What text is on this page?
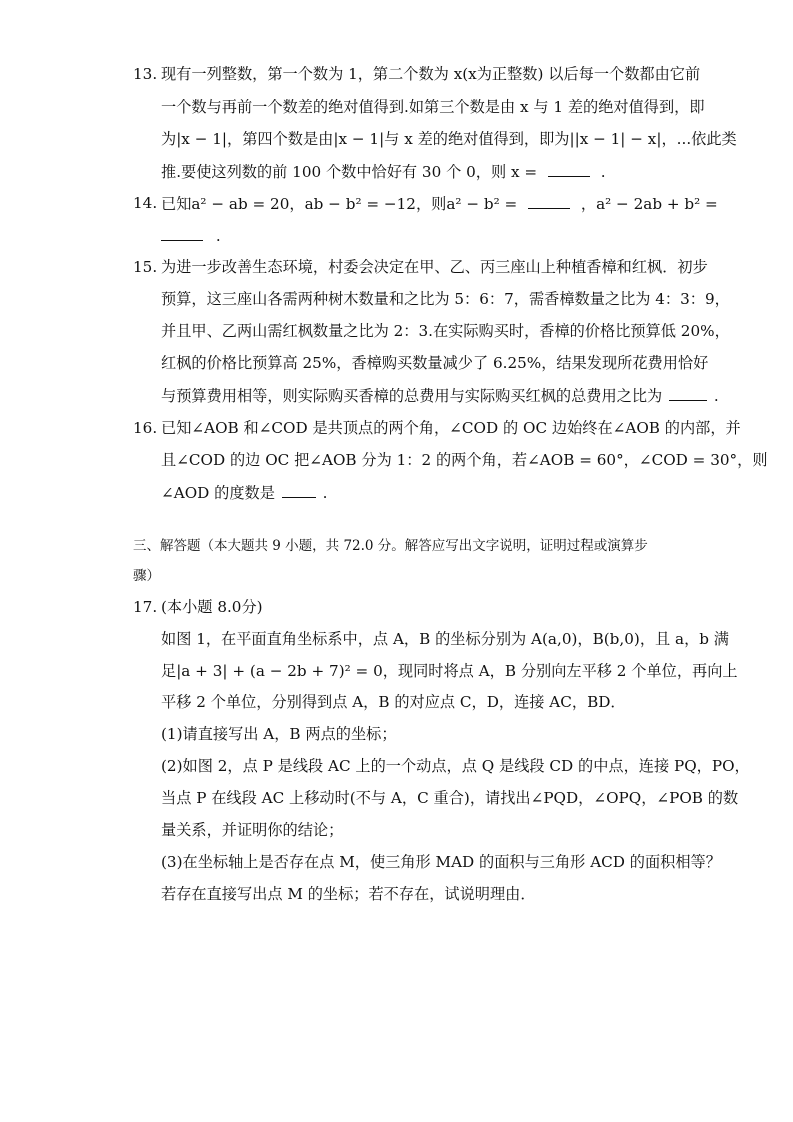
13. 现有一列整数，第一个数为 1，第二个数为 x(x为正整数) 以后每一个数都由它前
一个数与再前一个数差的绝对值得到.如第三个数是由 x 与 1 差的绝对值得到，即
为|x − 1|，第四个数是由|x − 1|与 x 差的绝对值得到，即为||x − 1| − x|，...依此类
推.要使这列数的前 100 个数中恰好有 30 个 0，则 x =	.
14. 已知a² − ab = 20，ab − b² = −12，则a² − b² =	，a² − 2ab + b² =
.
15. 为进一步改善生态环境，村委会决定在甲、乙、丙三座山上种植香樟和红枫．初步
预算，这三座山各需两种树木数量和之比为 5：6：7，需香樟数量之比为 4：3：9，
并且甲、乙两山需红枫数量之比为 2：3.在实际购买时，香樟的价格比预算低 20%，
红枫的价格比预算高 25%，香樟购买数量减少了 6.25%，结果发现所花费用恰好
与预算费用相等，则实际购买香樟的总费用与实际购买红枫的总费用之比为	.
16. 已知∠AOB 和∠COD 是共顶点的两个角，∠COD 的 OC 边始终在∠AOB 的内部，并
且∠COD 的边 OC 把∠AOB 分为 1：2 的两个角，若∠AOB = 60°，∠COD = 30°，则
∠AOD 的度数是	.
三、解答题（本大题共 9 小题，共 72.0 分。解答应写出文字说明，证明过程或演算步
骤）
17. (本小题 8.0分)
如图 1，在平面直角坐标系中，点 A，B 的坐标分别为 A(a,0)，B(b,0)，且 a，b 满
足|a + 3| + (a − 2b + 7)² = 0，现同时将点 A，B 分别向左平移 2 个单位，再向上
平移 2 个单位，分别得到点 A，B 的对应点 C，D，连接 AC，BD．
(1)请直接写出 A，B 两点的坐标；
(2)如图 2，点 P 是线段 AC 上的一个动点，点 Q 是线段 CD 的中点，连接 PQ，PO，
当点 P 在线段 AC 上移动时(不与 A，C 重合)，请找出∠PQD，∠OPQ，∠POB 的数
量关系，并证明你的结论；
(3)在坐标轴上是否存在点 M，使三角形 MAD 的面积与三角形 ACD 的面积相等？
若存在直接写出点 M 的坐标；若不存在，试说明理由．
